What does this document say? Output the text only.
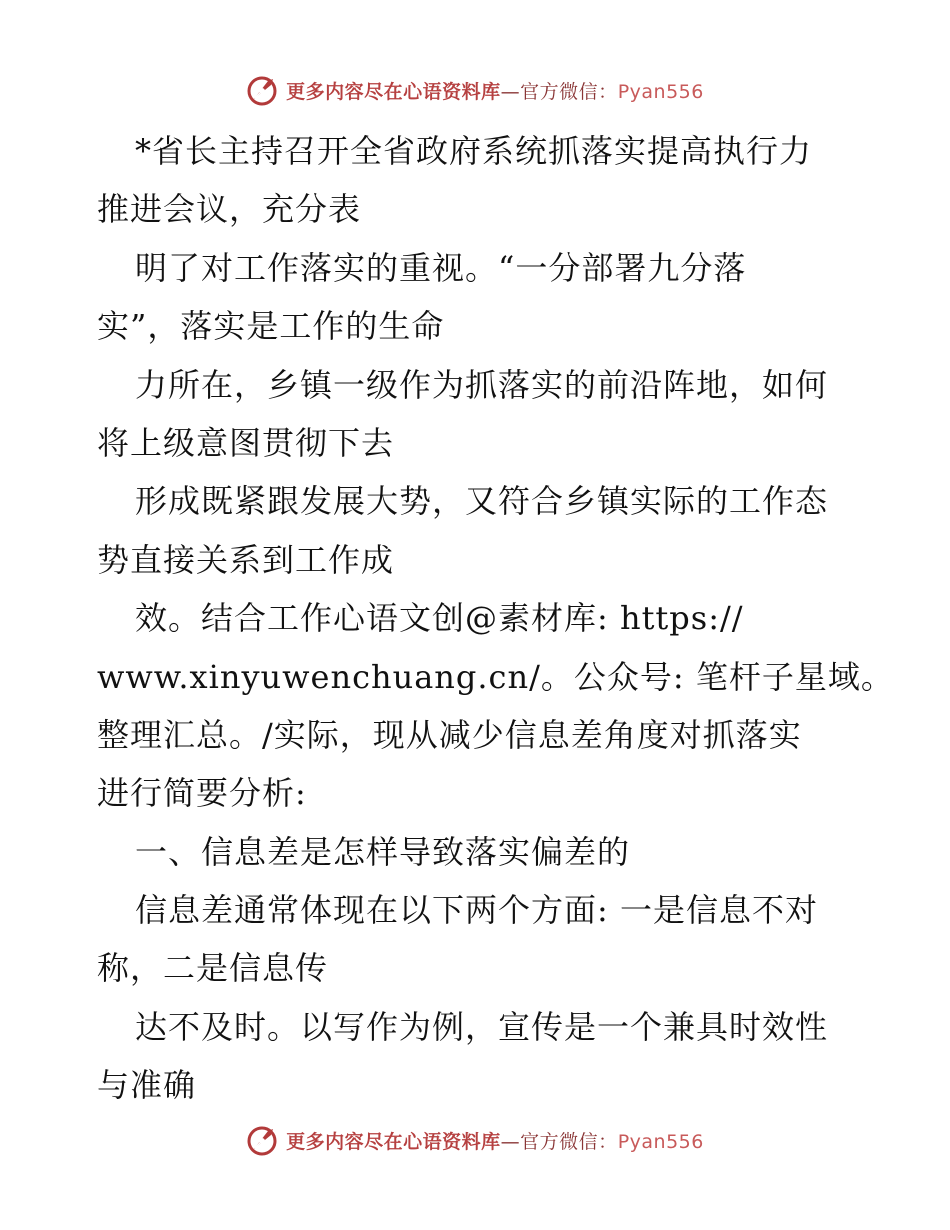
更多内容尽在心语资料库—官方微信：Pyan556
*省长主持召开全省政府系统抓落实提高执行力
推进会议，充分表
明了对工作落实的重视。“一分部署九分落
实”，落实是工作的生命
力所在，乡镇一级作为抓落实的前沿阵地，如何
将上级意图贯彻下去
形成既紧跟发展大势，又符合乡镇实际的工作态
势直接关系到工作成
效。结合工作心语文创@素材库: https://
www.xinyuwenchuang.cn/。公众号: 笔杆子星域。
整理汇总。/实际，现从减少信息差角度对抓落实
进行简要分析:
一、信息差是怎样导致落实偏差的
信息差通常体现在以下两个方面: 一是信息不对
称，二是信息传
达不及时。以写作为例，宣传是一个兼具时效性
与准确
更多内容尽在心语资料库—官方微信：Pyan556
